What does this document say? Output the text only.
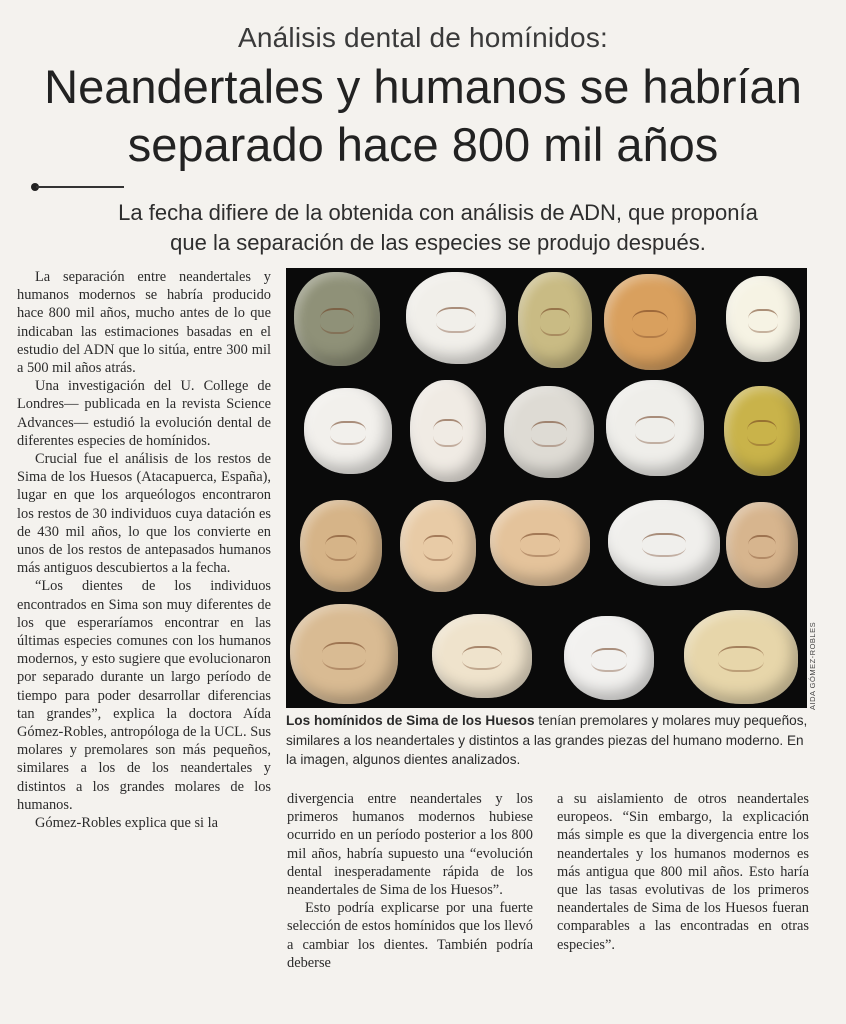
Análisis dental de homínidos:
Neandertales y humanos se habrían
separado hace 800 mil años
La fecha difiere de la obtenida con análisis de ADN, que proponía
que la separación de las especies se produjo después.

La separación entre neandertales y humanos modernos se habría producido hace 800 mil años, mucho antes de lo que indicaban las estimaciones basadas en el estudio del ADN que lo sitúa, entre 300 mil a 500 mil años atrás.

Una investigación del U. College de Londres— publicada en la revista Science Advances— estudió la evolución dental de diferentes especies de homínidos.

Crucial fue el análisis de los restos de Sima de los Huesos (Atacapuerca, España), lugar en que los arqueólogos encontraron los restos de 30 individuos cuya datación es de 430 mil años, lo que los convierte en unos de los restos de antepasados humanos más antiguos descubiertos a la fecha.

“Los dientes de los individuos encontrados en Sima son muy diferentes de los que esperaríamos encontrar en las últimas especies comunes con los humanos modernos, y esto sugiere que evolucionaron por separado durante un largo período de tiempo para poder desarrollar diferencias tan grandes”, explica la doctora Aída Gómez-Robles, antropóloga de la UCL. Sus molares y premolares son más pequeños, similares a los de los neandertales y distintos a los grandes molares de los humanos.

Gómez-Robles explica que si la

AIDA GÓMEZ-ROBLES
Los homínidos de Sima de los Huesos tenían premolares y molares muy pequeños, similares a los neandertales y distintos a las grandes piezas del humano moderno. En la imagen, algunos dientes analizados.

divergencia entre neandertales y los primeros humanos modernos hubiese ocurrido en un período posterior a los 800 mil años, habría supuesto una “evolución dental inesperadamente rápida de los neandertales de Sima de los Huesos”.

Esto podría explicarse por una fuerte selección de estos homínidos que los llevó a cambiar los dientes. También podría deberse

a su aislamiento de otros neandertales europeos. “Sin embargo, la explicación más simple es que la divergencia entre los neandertales y los humanos modernos es más antigua que 800 mil años. Esto haría que las tasas evolutivas de los primeros neandertales de Sima de los Huesos fueran comparables a las encontradas en otras especies”.
